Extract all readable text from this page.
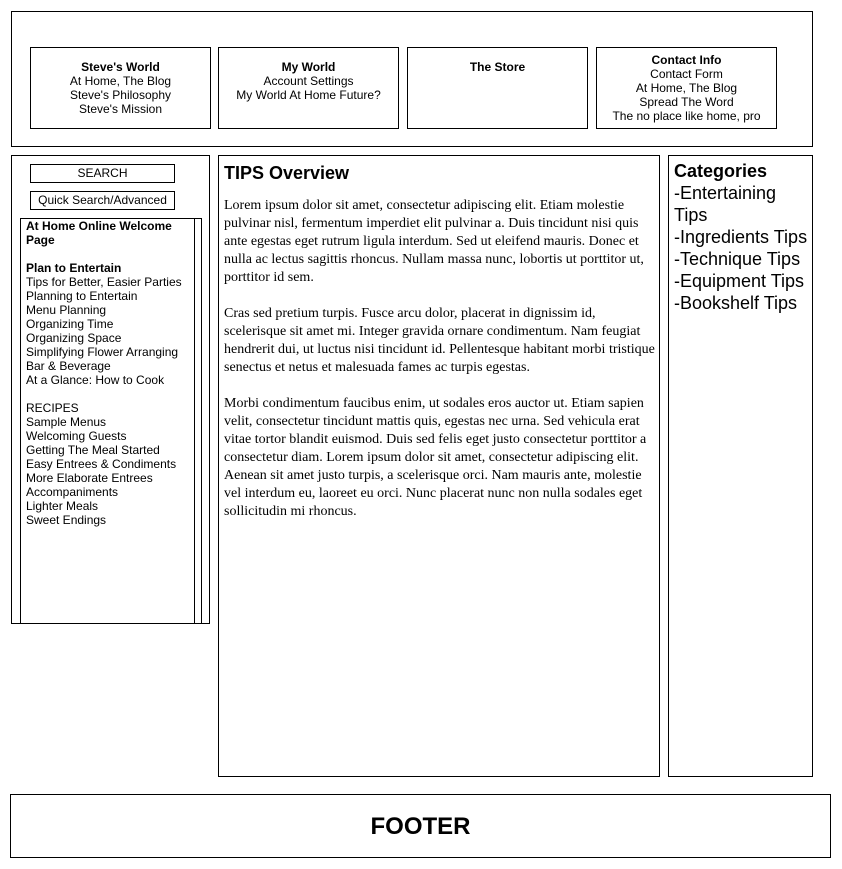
Steve's World
At Home, The Blog
Steve's Philosophy
Steve's Mission
My World
Account Settings
My World At Home Future?
The Store	Contact Info
Contact Form
At Home, The Blog
Spread The Word
The no place like home, pro
SEARCH
Quick Search/Advanced
At Home Online Welcome Page
Plan to Entertain
Tips for Better, Easier Parties
Planning to Entertain
Menu Planning
Organizing Time
Organizing Space
Simplifying Flower Arranging
Bar & Beverage
At a Glance: How to Cook
RECIPES
Sample Menus
Welcoming Guests
Getting The Meal Started
Easy Entrees & Condiments
More Elaborate Entrees
Accompaniments
Lighter Meals
Sweet Endings
TIPS Overview

Lorem ipsum dolor sit amet, consectetur adipiscing elit. Etiam molestie pulvinar nisl, fermentum imperdiet elit pulvinar a. Duis tincidunt nisi quis ante egestas eget rutrum ligula interdum. Sed ut eleifend mauris. Donec et nulla ac lectus sagittis rhoncus. Nullam massa nunc, lobortis ut porttitor ut, porttitor id sem.

Cras sed pretium turpis. Fusce arcu dolor, placerat in dignissim id, scelerisque sit amet mi. Integer gravida ornare condimentum. Nam feugiat hendrerit dui, ut luctus nisi tincidunt id. Pellentesque habitant morbi tristique senectus et netus et malesuada fames ac turpis egestas.

Morbi condimentum faucibus enim, ut sodales eros auctor ut. Etiam sapien velit, consectetur tincidunt mattis quis, egestas nec urna. Sed vehicula erat vitae tortor blandit euismod. Duis sed felis eget justo consectetur porttitor a consectetur diam. Lorem ipsum dolor sit amet, consectetur adipiscing elit. Aenean sit amet justo turpis, a scelerisque orci. Nam mauris ante, molestie vel interdum eu, laoreet eu orci. Nunc placerat nunc non nulla sodales eget sollicitudin mi rhoncus.

Categories
-Entertaining Tips
-Ingredients Tips
-Technique Tips
-Equipment Tips
-Bookshelf Tips
FOOTER
